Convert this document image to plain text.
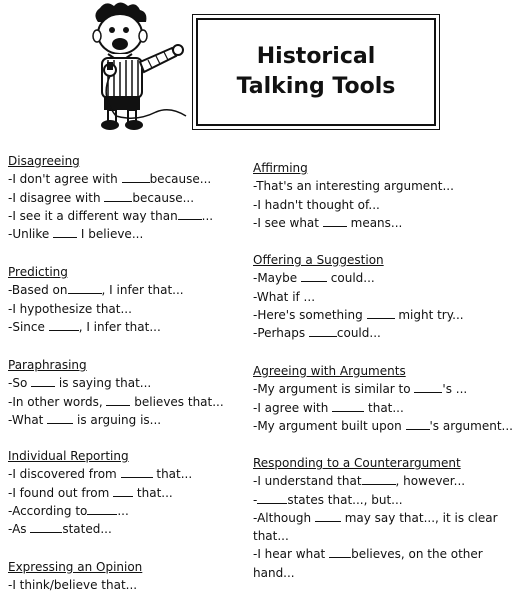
Historical
Talking Tools
Disagreeing
-I don't agree with because...
-I disagree with because...
-I see it a different way than ...
-Unlike  I believe...
Predicting
-Based on	, I infer that...
-I hypothesize that...
-Since	, I infer that...
Paraphrasing
-So  is saying that...
-In other words,  believes that...
-What  is arguing is...
Individual Reporting
-I discovered from	that...
-I found out from  that...
-According to	...
-As	stated...
Expressing an Opinion
-I think/believe that...
Affirming
-That's an interesting argument...
-I hadn't thought of...
-I see what  means...
Offering a Suggestion
-Maybe  could...
-What if ...
-Here's something  might try...
-Perhaps could...
Agreeing with Arguments
-My argument is similar to 's ...
-I agree with	that...
-My argument built upon 's argument...
Responding to a Counterargument
-I understand that	, however...
-	states that..., but...
-Although  may say that..., it is clear that...
-I hear what believes, on the other hand...
